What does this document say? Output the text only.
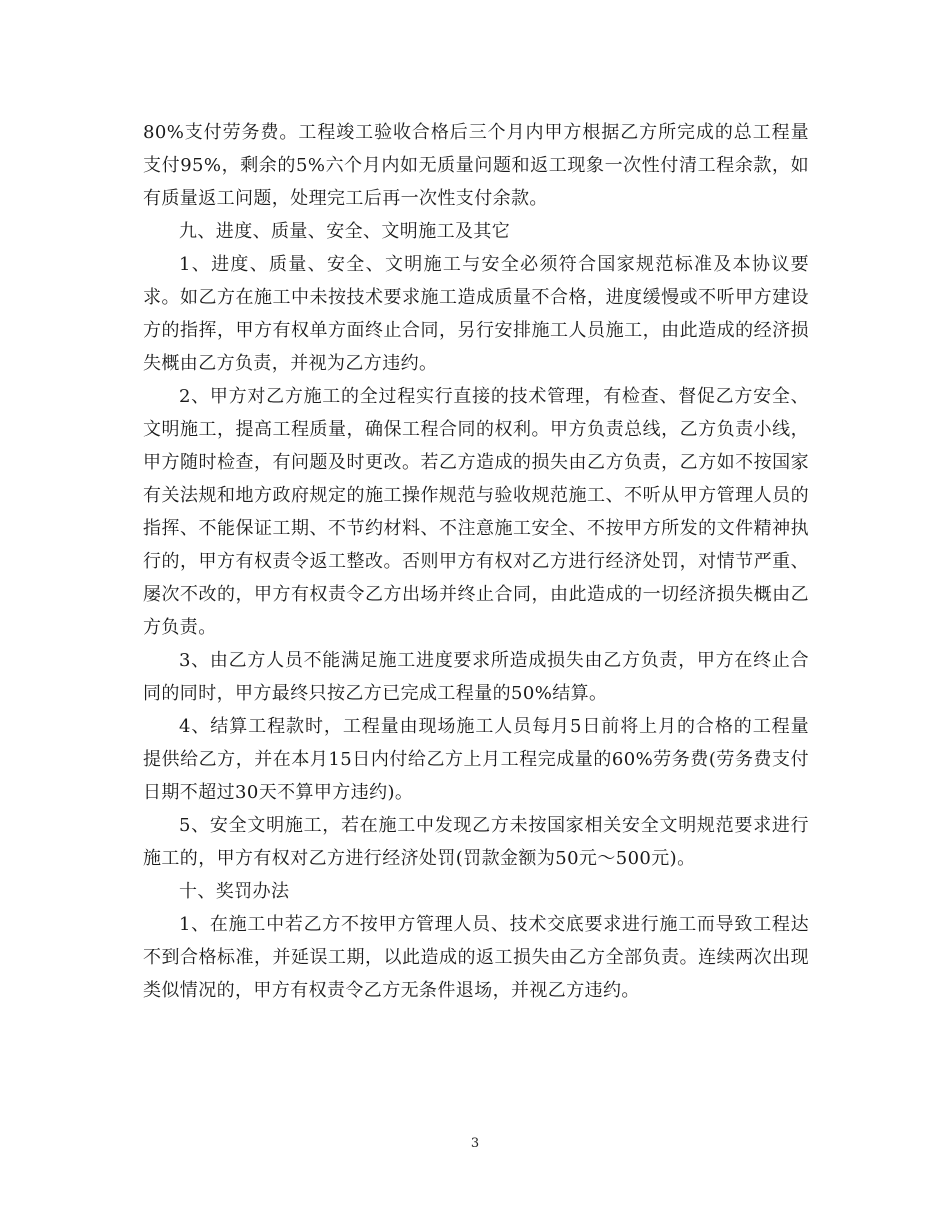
80%支付劳务费。工程竣工验收合格后三个月内甲方根据乙方所完成的总工程量支付95%，剩余的5%六个月内如无质量问题和返工现象一次性付清工程余款，如有质量返工问题，处理完工后再一次性支付余款。

九、进度、质量、安全、文明施工及其它

1、进度、质量、安全、文明施工与安全必须符合国家规范标准及本协议要求。如乙方在施工中未按技术要求施工造成质量不合格，进度缓慢或不听甲方建设方的指挥，甲方有权单方面终止合同，另行安排施工人员施工，由此造成的经济损失概由乙方负责，并视为乙方违约。

2、甲方对乙方施工的全过程实行直接的技术管理，有检查、督促乙方安全、文明施工，提高工程质量，确保工程合同的权利。甲方负责总线，乙方负责小线，甲方随时检查，有问题及时更改。若乙方造成的损失由乙方负责，乙方如不按国家有关法规和地方政府规定的施工操作规范与验收规范施工、不听从甲方管理人员的指挥、不能保证工期、不节约材料、不注意施工安全、不按甲方所发的文件精神执行的，甲方有权责令返工整改。否则甲方有权对乙方进行经济处罚，对情节严重、屡次不改的，甲方有权责令乙方出场并终止合同，由此造成的一切经济损失概由乙方负责。

3、由乙方人员不能满足施工进度要求所造成损失由乙方负责，甲方在终止合同的同时，甲方最终只按乙方已完成工程量的50%结算。

4、结算工程款时，工程量由现场施工人员每月5日前将上月的合格的工程量提供给乙方，并在本月15日内付给乙方上月工程完成量的60%劳务费(劳务费支付日期不超过30天不算甲方违约)。

5、安全文明施工，若在施工中发现乙方未按国家相关安全文明规范要求进行施工的，甲方有权对乙方进行经济处罚(罚款金额为50元～500元)。

十、奖罚办法

1、在施工中若乙方不按甲方管理人员、技术交底要求进行施工而导致工程达不到合格标准，并延误工期，以此造成的返工损失由乙方全部负责。连续两次出现类似情况的，甲方有权责令乙方无条件退场，并视乙方违约。

3
